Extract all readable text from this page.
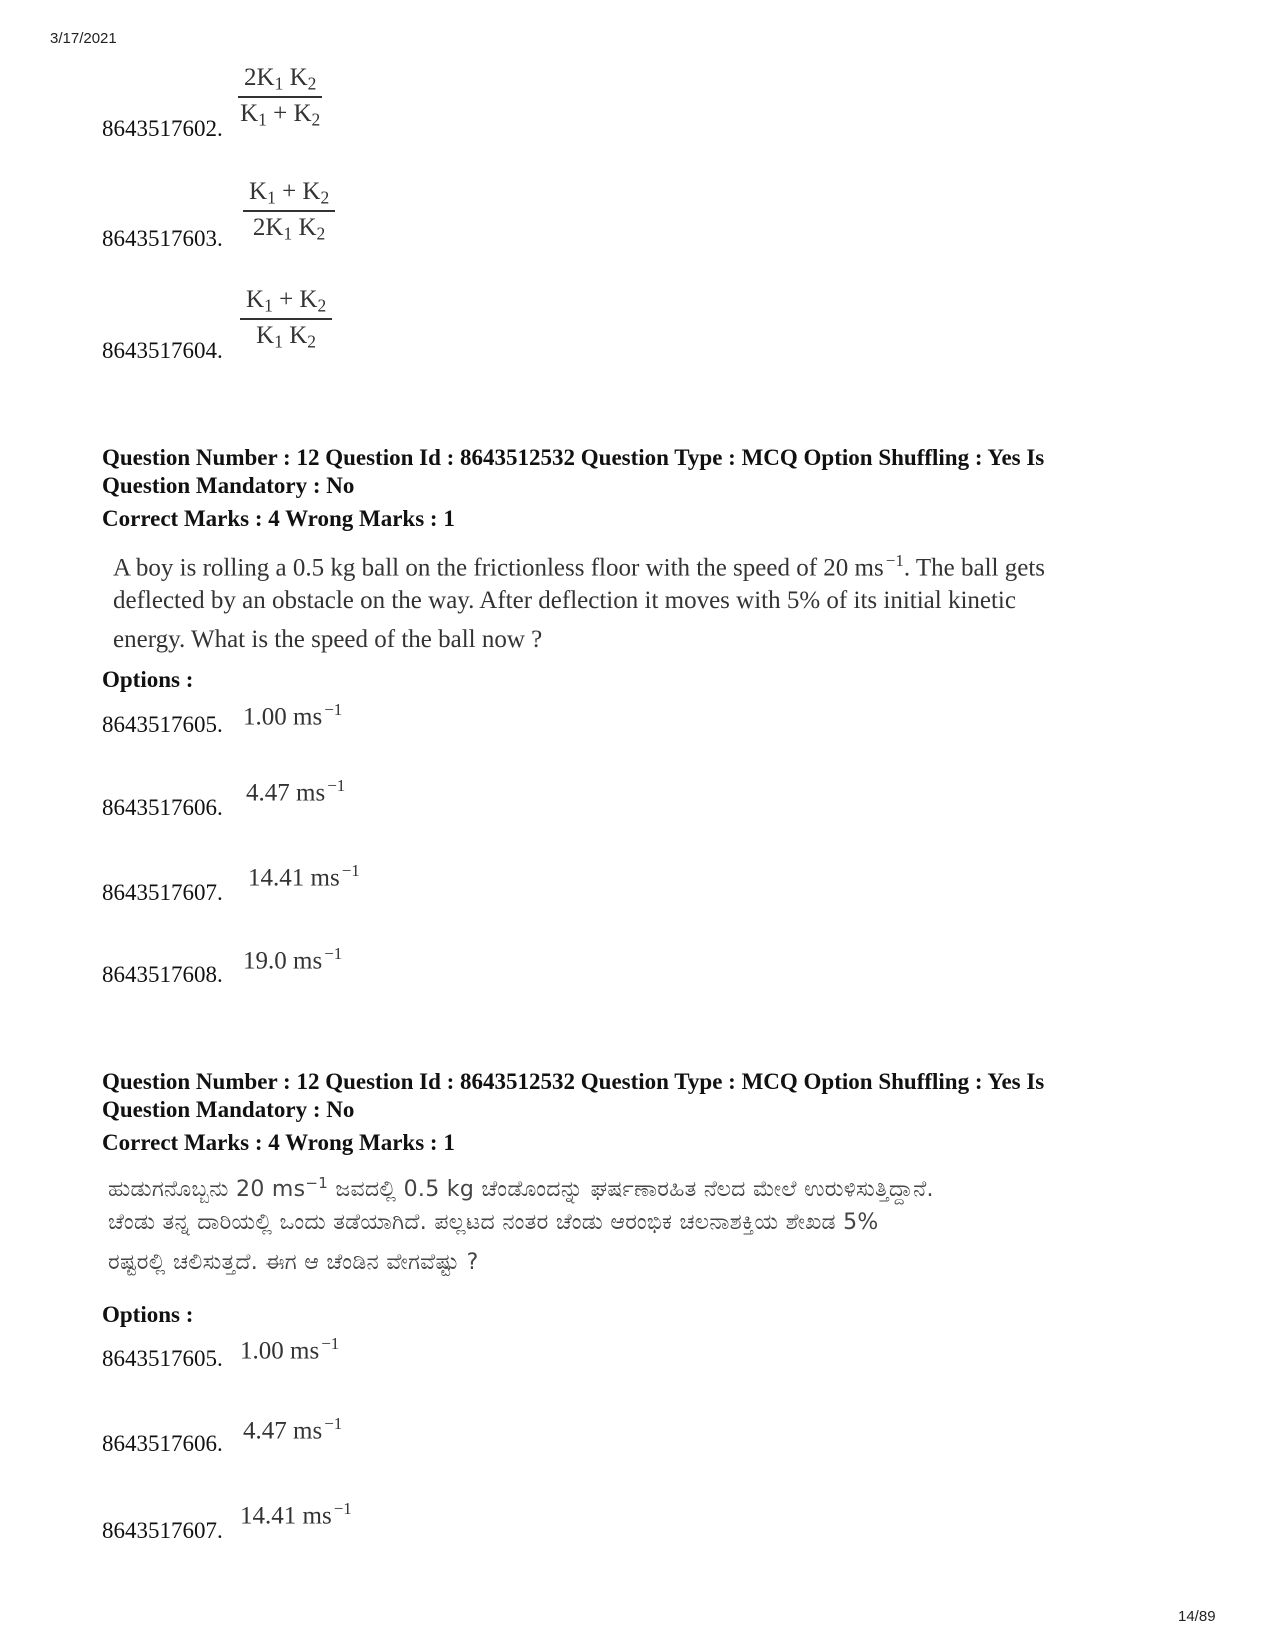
3/17/2021
8643517602. $\frac{2K_1 K_2}{K_1 + K_2}$
8643517603. $\frac{K_1 + K_2}{2K_1 K_2}$
8643517604. $\frac{K_1 + K_2}{K_1 K_2}$
Question Number : 12 Question Id : 8643512532 Question Type : MCQ Option Shuffling : Yes Is
Question Mandatory : No
Correct Marks : 4 Wrong Marks : 1
A boy is rolling a 0.5 kg ball on the frictionless floor with the speed of 20 ms $^{-1}$. The ball gets
deflected by an obstacle on the way. After deflection it moves with 5% of its initial kinetic
energy. What is the speed of the ball now ?
Options :
8643517605. 1.00 ms $^{-1}$
8643517606.
4.47 ms $^{-1}$
8643517607.
14.41 ms $^{-1}$
8643517608.
19.0 ms $^{-1}$
Question Number : 12 Question Id : 8643512532 Question Type : MCQ Option Shuffling : Yes Is
Question Mandatory : No
Correct Marks : 4 Wrong Marks : 1
ಹುಡುಗನೊಬ್ಬನು 20 $ms^{-1}$ ಜವದಲ್ಲಿ 0.5 kg ಚೆಂಡೊಂದನ್ನು ಘರ್ಷಣಾರಹಿತ ನೆಲದ ಮೇಲೆ ಉರುಳಿಸುತ್ತಿದ್ದಾನೆ.
ಚೆಂಡು ತನ್ನ ದಾರಿಯಲ್ಲಿ ಒಂದು ತಡೆಯಾಗಿದೆ. ಪಲ್ಲಟದ ನಂತರ ಚೆಂಡು ಆರಂಭಿಕ ಚಲನಾಶಕ್ತಿಯ ಶೇಖಡ 5%
ರಷ್ಟರಲ್ಲಿ ಚಲಿಸುತ್ತದೆ. ಈಗ ಆ ಚೆಂಡಿನ ವೇಗವೆಷ್ಟು ?
Options :
8643517605. 1.00 ms $^{-1}$
8643517606. 4.47 ms $^{-1}$
8643517607.
14.41 ms $^{-1}$
14/89
